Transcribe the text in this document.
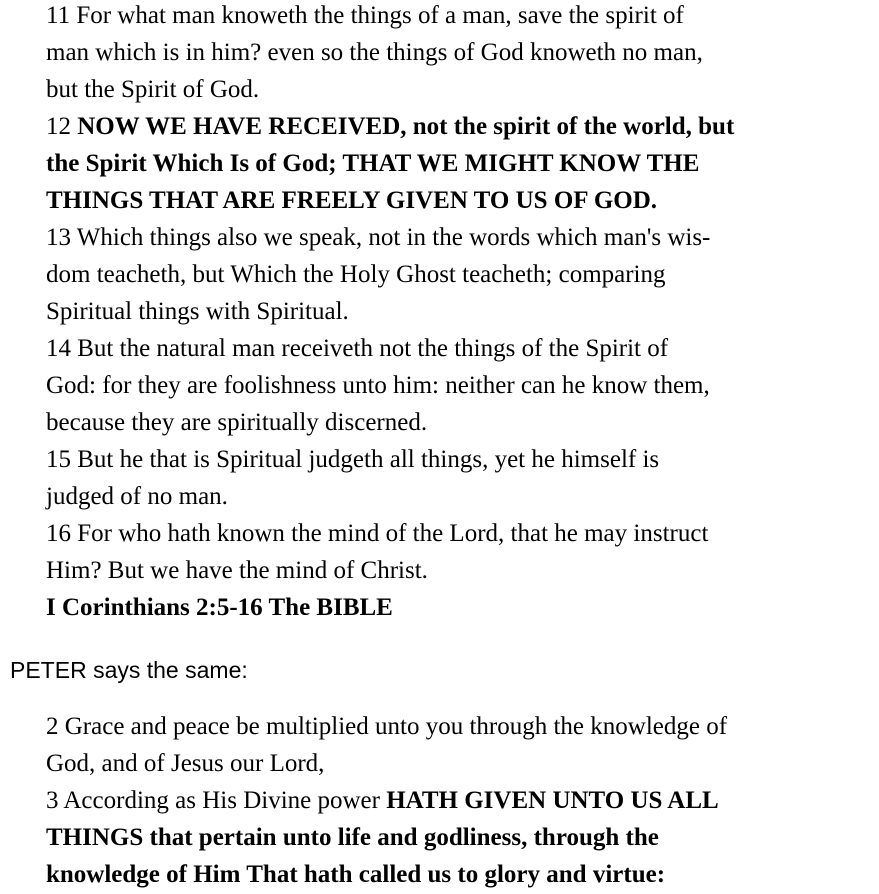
11 For what man knoweth the things of a man, save the spirit of
man which is in him? even so the things of God knoweth no man,
but the Spirit of God.

12 NOW WE HAVE RECEIVED, not the spirit of the world, but
the Spirit Which Is of God; THAT WE MIGHT KNOW THE
THINGS THAT ARE FREELY GIVEN TO US OF GOD.

13 Which things also we speak, not in the words which man's wis-
dom teacheth, but Which the Holy Ghost teacheth; comparing
Spiritual things with Spiritual.

14 But the natural man receiveth not the things of the Spirit of
God: for they are foolishness unto him: neither can he know them,
because they are spiritually discerned.

15 But he that is Spiritual judgeth all things, yet he himself is
judged of no man.

16 For who hath known the mind of the Lord, that he may instruct
Him? But we have the mind of Christ.

I Corinthians 2:5-16 The BIBLE

PETER says the same:

2 Grace and peace be multiplied unto you through the knowledge of
God, and of Jesus our Lord,

3 According as His Divine power HATH GIVEN UNTO US ALL
THINGS that pertain unto life and godliness, through the
knowledge of Him That hath called us to glory and virtue:
